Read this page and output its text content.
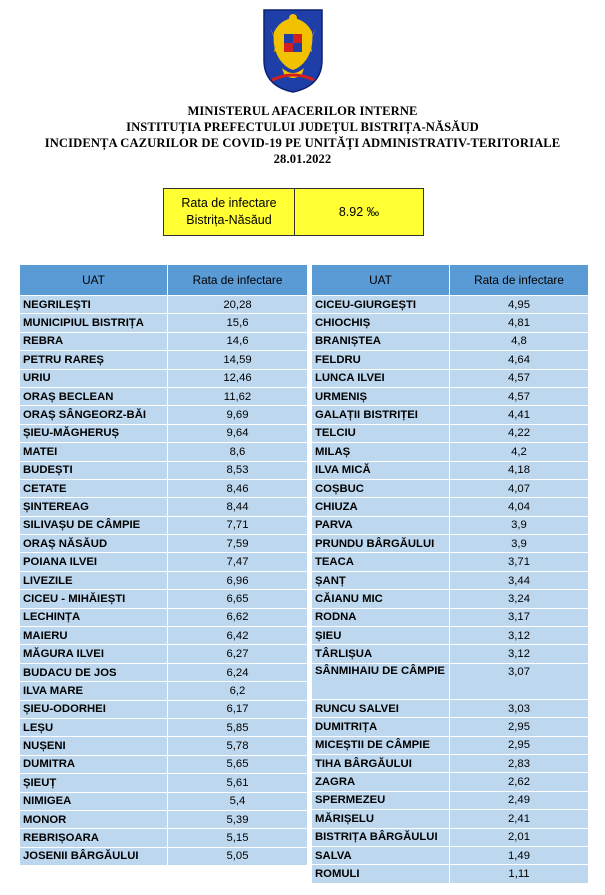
MINISTERUL AFACERILOR INTERNE
INSTITUȚIA PREFECTULUI JUDEȚUL BISTRIȚA-NĂSĂUD
INCIDENȚA CAZURILOR DE COVID-19 PE UNITĂȚI ADMINISTRATIV-TERITORIALE
28.01.2022
Rata de infectare
Bistrița-Năsăud
8.92 ‰
UAT	Rata de infectare
NEGRILEȘTI	20,28
MUNICIPIUL BISTRIȚA	15,6
REBRA	14,6
PETRU RAREȘ	14,59
URIU	12,46
ORAȘ BECLEAN	11,62
ORAȘ SÂNGEORZ-BĂI	9,69
ȘIEU-MĂGHERUȘ	9,64
MATEI	8,6
BUDEȘTI	8,53
CETATE	8,46
ȘINTEREAG	8,44
SILIVAȘU DE CÂMPIE	7,71
ORAȘ NĂSĂUD	7,59
POIANA ILVEI	7,47
LIVEZILE	6,96
CICEU - MIHĂIEȘTI	6,65
LECHINȚA	6,62
MAIERU	6,42
MĂGURA ILVEI	6,27
BUDACU DE JOS	6,24
ILVA MARE	6,2
ȘIEU-ODORHEI	6,17
LEȘU	5,85
NUȘENI	5,78
DUMITRA	5,65
ȘIEUȚ	5,61
NIMIGEA	5,4
MONOR	5,39
REBRIȘOARA	5,15
JOSENII BÂRGĂULUI	5,05
UAT	Rata de infectare
CICEU-GIURGEȘTI	4,95
CHIOCHIȘ	4,81
BRANIȘTEA	4,8
FELDRU	4,64
LUNCA ILVEI	4,57
URMENIȘ	4,57
GALAȚII BISTRIȚEI	4,41
TELCIU	4,22
MILAȘ	4,2
ILVA MICĂ	4,18
COȘBUC	4,07
CHIUZA	4,04
PARVA	3,9
PRUNDU BÂRGĂULUI	3,9
TEACA	3,71
ȘANȚ	3,44
CĂIANU MIC	3,24
RODNA	3,17
ȘIEU	3,12
TÂRLIȘUA	3,12
SÂNMIHAIU DE CÂMPIE	3,07
RUNCU SALVEI	3,03
DUMITRIȚA	2,95
MICEȘTII DE CÂMPIE	2,95
TIHA BÂRGĂULUI	2,83
ZAGRA	2,62
SPERMEZEU	2,49
MĂRIȘELU	2,41
BISTRIȚA BÂRGĂULUI	2,01
SALVA	1,49
ROMULI	1,11
